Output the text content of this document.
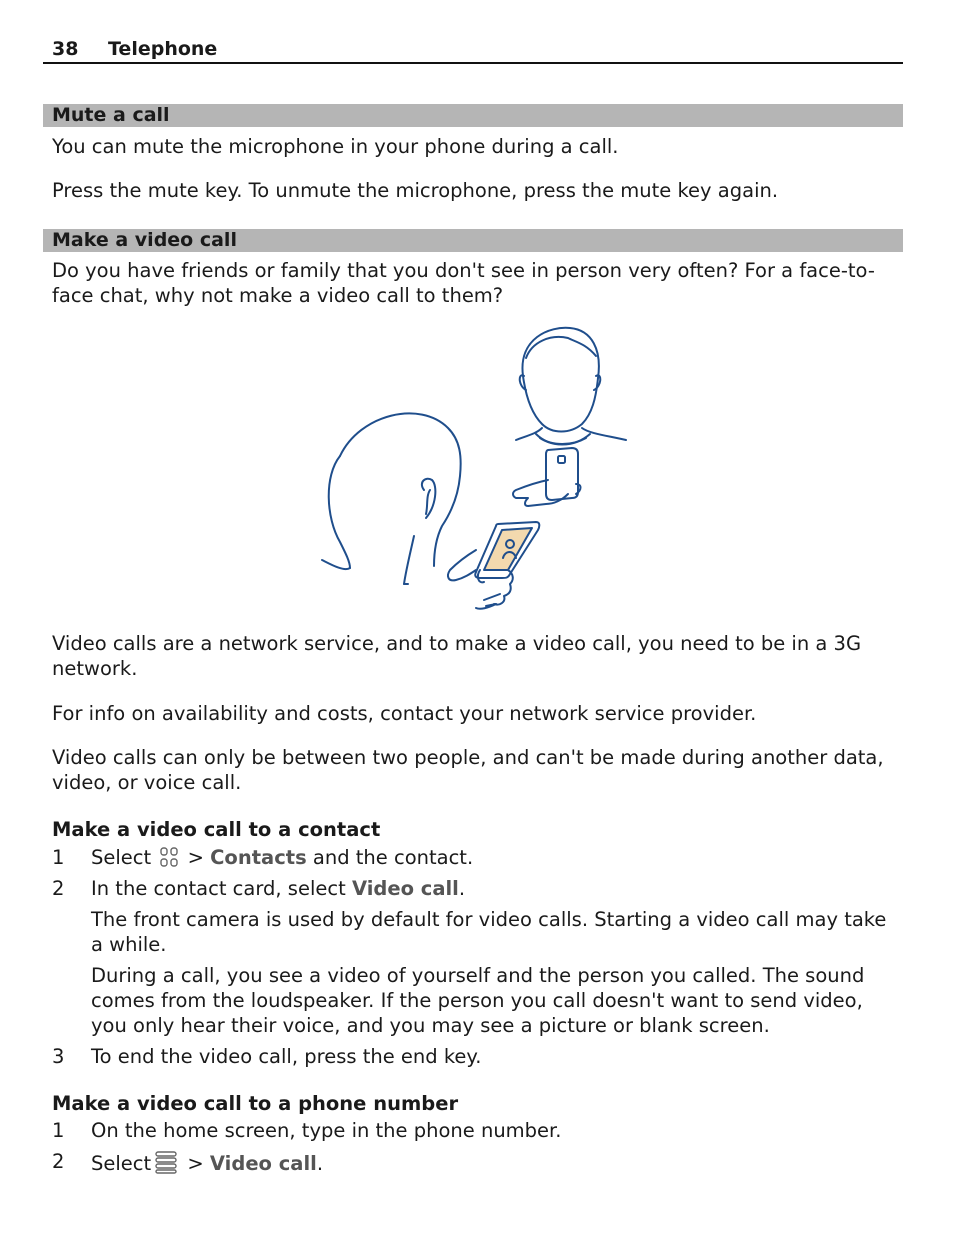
38 Telephone
Mute a call

You can mute the microphone in your phone during a call.

Press the mute key. To unmute the microphone, press the mute key again.

Make a video call
Do you have friends or family that you don't see in person very often? For a face-to-
face chat, why not make a video call to them?
Video calls are a network service, and to make a video call, you need to be in a 3G
network.

For info on availability and costs, contact your network service provider.

Video calls can only be between two people, and can't be made during another data,
video, or voice call.
Make a video call to a contact
1 Select > Contacts and the contact.
2 In the contact card, select Video call.
The front camera is used by default for video calls. Starting a video call may take
a while.
During a call, you see a video of yourself and the person you called. The sound
comes from the loudspeaker. If the person you call doesn't want to send video,
you only hear their voice, and you may see a picture or blank screen.
3 To end the video call, press the end key.
Make a video call to a phone number
1 On the home screen, type in the phone number.
2 Select > Video call.
